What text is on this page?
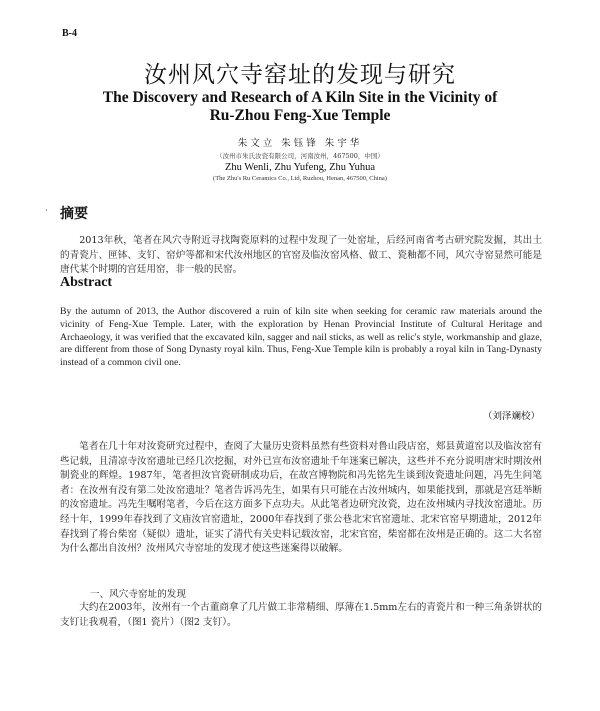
B-4
汝州风穴寺窑址的发现与研究
The Discovery and Research of A Kiln Site in the Vicinity of
Ru-Zhou Feng-Xue Temple
朱文立 朱钰锋 朱宇华
（汝州市朱氏汝瓷有限公司，河南汝州，467500，中国）
Zhu Wenli, Zhu Yufeng, Zhu Yuhua
(The Zhu's Ru Ceramics Co., Ltd, Ruzhou, Henan, 467500, China)
· 摘要

2013年秋，笔者在风穴寺附近寻找陶瓷原料的过程中发现了一处窑址，后经河南省考古研究院发掘，其出土的青瓷片、匣钵、支钉、窑炉等都和宋代汝州地区的官窑及临汝窑风格、做工、瓷釉都不同，风穴寺窑显然可能是唐代某个时期的宫廷用窑，非一般的民窑。

Abstract

By the autumn of 2013, the Author discovered a ruin of kiln site when seeking for ceramic raw materials around the vicinity of Feng-Xue Temple. Later, with the exploration by Henan Provincial Institute of Cultural Heritage and Archaeology, it was verified that the excavated kiln, sagger and nail sticks, as well as relic's style, workmanship and glaze, are different from those of Song Dynasty royal kiln. Thus, Feng-Xue Temple kiln is probably a royal kiln in Tang-Dynasty instead of a common civil one.

（刘泽斓校）

笔者在几十年对汝瓷研究过程中，查阅了大量历史资料虽然有些资料对鲁山段店窑，郏县黄道窑以及临汝窑有些记载，且清凉寺汝窑遗址已经几次挖掘，对外已宣布汝窑遗址千年迷案已解决，这些并不充分说明唐宋时期汝州制瓷业的辉煌。1987年，笔者担汝官瓷研制成功后，在故宫博物院和冯先铭先生谈到汝瓷遗址问题，冯先生问笔者：在汝州有没有第二处汝窑遗址？笔者告诉冯先生，如果有只可能在古汝州城内，如果能找到，那就是宫廷举断的汝窑遗址。冯先生嘱咐笔者，今后在这方面多下点功夫。从此笔者边研究汝瓷，边在汝州城内寻找汝窑遗址。历经十年，1999年春找到了文庙汝官窑遗址，2000年春找到了张公巷北宋官窑遗址、北宋官窑早期遗址，2012年春找到了将台柴窑（疑似）遗址，证实了清代有关史料记载汝窑，北宋官窑，柴窑都在汝州是正确的。这二大名窑为什么都出自汝州？汝州风穴寺窑址的发现才使这些迷案得以破解。

一、风穴寺窑址的发现

大约在2003年，汝州有一个古董商拿了几片做工非常精细、厚薄在1.5mm左右的青瓷片和一种三角条饼状的支钉让我观看，（图1 瓷片）（图2 支钉）。
